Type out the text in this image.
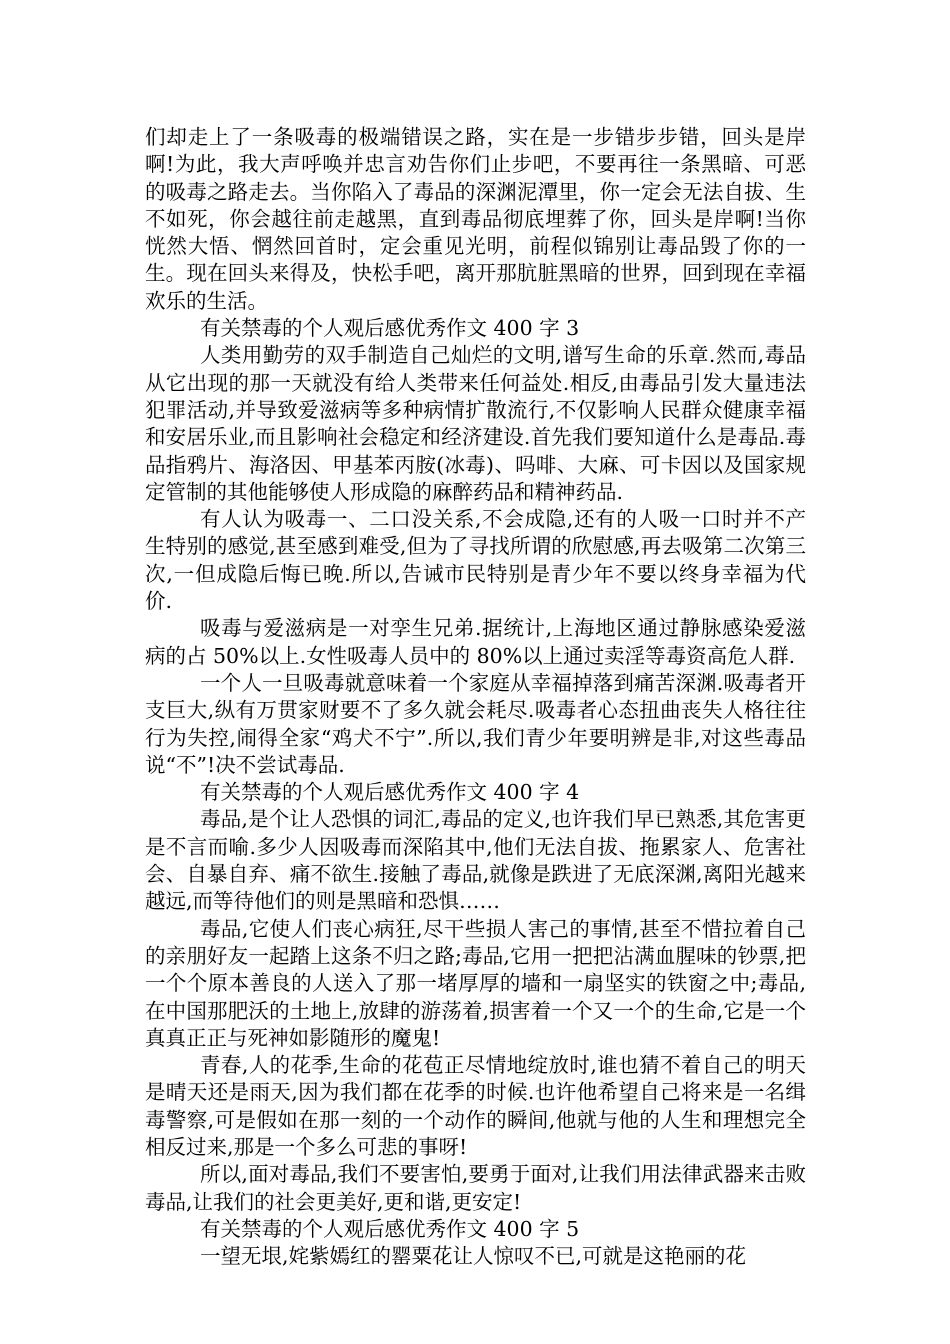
们却走上了一条吸毒的极端错误之路，实在是一步错步步错，回头是岸啊!为此，我大声呼唤并忠言劝告你们止步吧，不要再往一条黑暗、可恶的吸毒之路走去。当你陷入了毒品的深渊泥潭里，你一定会无法自拔、生不如死，你会越往前走越黑，直到毒品彻底埋葬了你，回头是岸啊!当你恍然大悟、惘然回首时，定会重见光明，前程似锦别让毒品毁了你的一生。现在回头来得及，快松手吧，离开那肮脏黑暗的世界，回到现在幸福欢乐的生活。

有关禁毒的个人观后感优秀作文 400 字 3

人类用勤劳的双手制造自己灿烂的文明,谱写生命的乐章.然而,毒品从它出现的那一天就没有给人类带来任何益处.相反,由毒品引发大量违法犯罪活动,并导致爱滋病等多种病情扩散流行,不仅影响人民群众健康幸福和安居乐业,而且影响社会稳定和经济建设.首先我们要知道什么是毒品.毒品指鸦片、海洛因、甲基苯丙胺(冰毒)、吗啡、大麻、可卡因以及国家规定管制的其他能够使人形成隐的麻醉药品和精神药品.

有人认为吸毒一、二口没关系,不会成隐,还有的人吸一口时并不产生特别的感觉,甚至感到难受,但为了寻找所谓的欣慰感,再去吸第二次第三次,一但成隐后悔已晚.所以,告诫市民特别是青少年不要以终身幸福为代价.

吸毒与爱滋病是一对孪生兄弟.据统计,上海地区通过静脉感染爱滋病的占 50%以上.女性吸毒人员中的 80%以上通过卖淫等毒资高危人群.

一个人一旦吸毒就意味着一个家庭从幸福掉落到痛苦深渊.吸毒者开支巨大,纵有万贯家财要不了多久就会耗尽.吸毒者心态扭曲丧失人格往往行为失控,闹得全家“鸡犬不宁”.所以,我们青少年要明辨是非,对这些毒品说“不”!决不尝试毒品.

有关禁毒的个人观后感优秀作文 400 字 4

毒品,是个让人恐惧的词汇,毒品的定义,也许我们早已熟悉,其危害更是不言而喻.多少人因吸毒而深陷其中,他们无法自拔、拖累家人、危害社会、自暴自弃、痛不欲生.接触了毒品,就像是跌进了无底深渊,离阳光越来越远,而等待他们的则是黑暗和恐惧……

毒品,它使人们丧心病狂,尽干些损人害己的事情,甚至不惜拉着自己的亲朋好友一起踏上这条不归之路;毒品,它用一把把沾满血腥味的钞票,把一个个原本善良的人送入了那一堵厚厚的墙和一扇坚实的铁窗之中;毒品,在中国那肥沃的土地上,放肆的游荡着,损害着一个又一个的生命,它是一个真真正正与死神如影随形的魔鬼!

青春,人的花季,生命的花苞正尽情地绽放时,谁也猜不着自己的明天是晴天还是雨天,因为我们都在花季的时候.也许他希望自己将来是一名缉毒警察,可是假如在那一刻的一个动作的瞬间,他就与他的人生和理想完全相反过来,那是一个多么可悲的事呀!

所以,面对毒品,我们不要害怕,要勇于面对,让我们用法律武器来击败毒品,让我们的社会更美好,更和谐,更安定!

有关禁毒的个人观后感优秀作文 400 字 5

一望无垠,姹紫嫣红的罂粟花让人惊叹不已,可就是这艳丽的花
